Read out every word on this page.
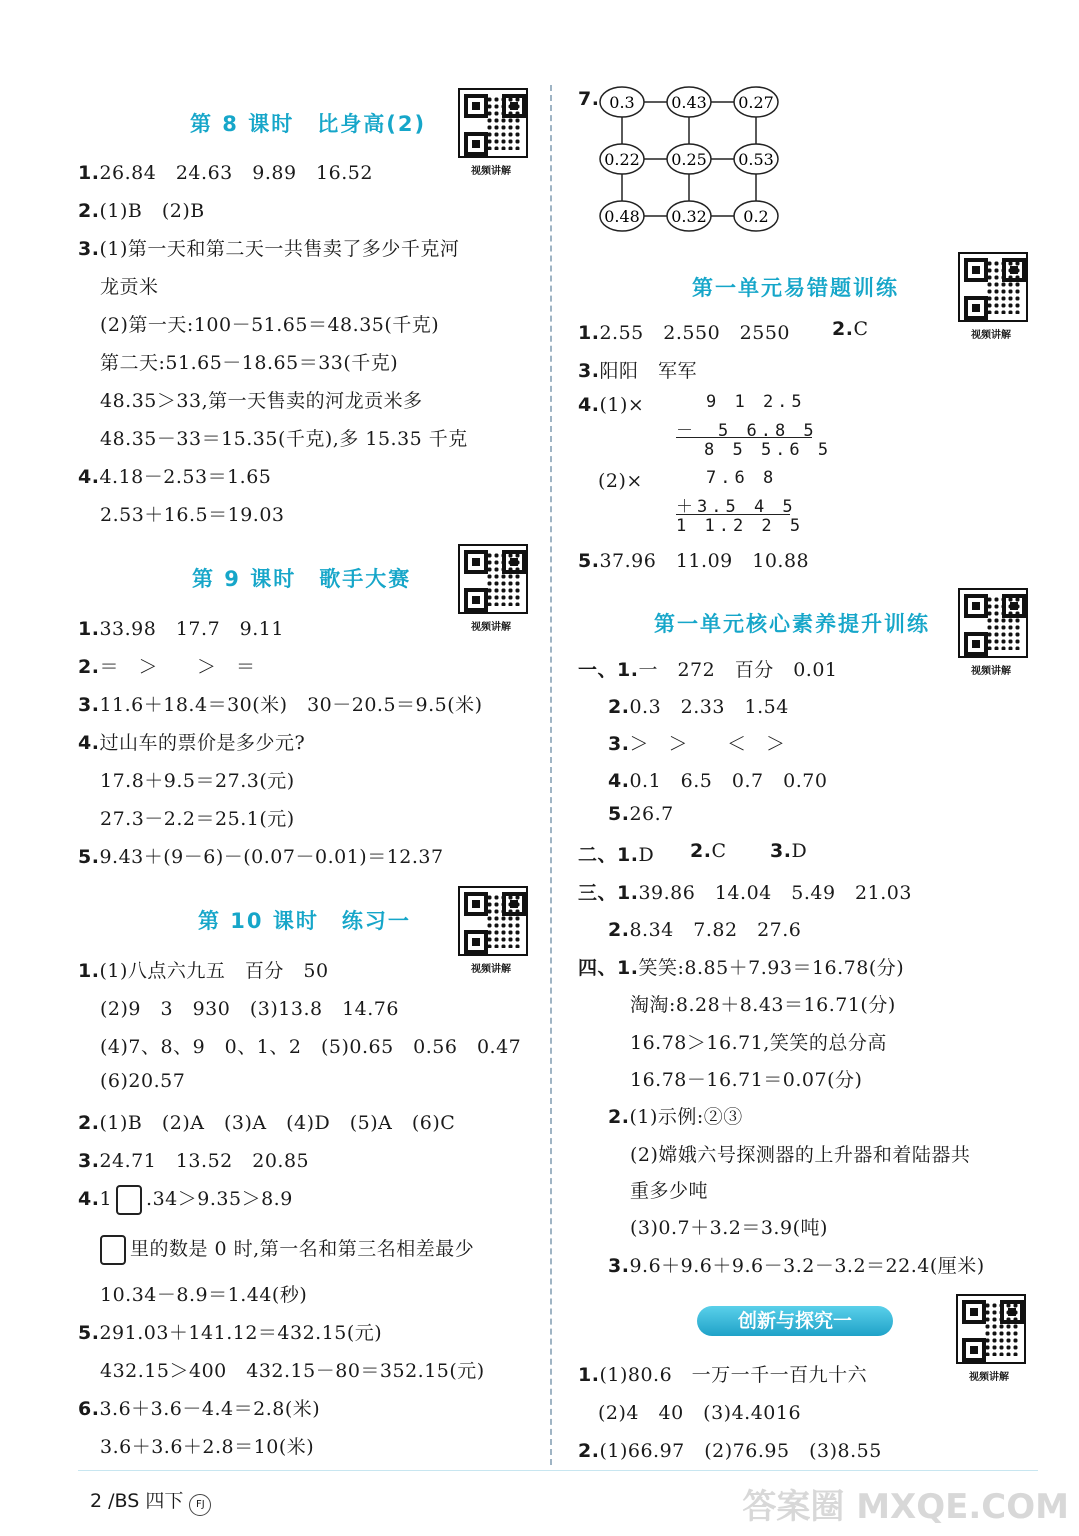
第 8 课时　比身高(2)
视频讲解
1.26.84　24.63　9.89　16.52
2.(1)B　(2)B
3.(1)第一天和第二天一共售卖了多少千克河
龙贡米
(2)第一天:100－51.65＝48.35(千克)
第二天:51.65－18.65＝33(千克)
48.35＞33,第一天售卖的河龙贡米多
48.35－33＝15.35(千克),多 15.35 千克
4.4.18－2.53＝1.65
2.53＋16.5＝19.03
第 9 课时　歌手大赛
视频讲解
1.33.98　17.7　9.11
2.＝　＞　　＞　＝
3.11.6＋18.4＝30(米)　30－20.5＝9.5(米)
4.过山车的票价是多少元?
17.8＋9.5＝27.3(元)
27.3－2.2＝25.1(元)
5.9.43＋(9－6)－(0.07－0.01)＝12.37
第 10 课时　练习一
视频讲解
1.(1)八点六九五　百分　50
(2)9　3　930　(3)13.8　14.76
(4)7、8、9　0、1、2　(5)0.65　0.56　0.47
(6)20.57
2.(1)B　(2)A　(3)A　(4)D　(5)A　(6)C
3.24.71　13.52　20.85
4.1 .34＞9.35＞8.9
里的数是 0 时,第一名和第三名相差最少
10.34－8.9＝1.44(秒)
5.291.03＋141.12＝432.15(元)
432.15＞400　432.15－80＝352.15(元)
6.3.6＋3.6－4.4＝2.8(米)
3.6＋3.6＋2.8＝10(米)
7. 0.3 0.43 0.27
0.22 0.25 0.53
0.48 0.32 0.2
第一单元易错题训练
视频讲解
1.2.55　2.550　2550 2.C
3.阳阳　军军
4.(1)×	9 1 2.5
－　5 6.8 5
8 5 5.6 5
(2)×	7.6 8
＋3.5 4 5
1 1.2 2 5
5.37.96　11.09　10.88
第一单元核心素养提升训练
视频讲解
一、1.一　272　百分　0.01
2.0.3　2.33　1.54
3.＞　＞　　＜　＞
4.0.1　6.5　0.7　0.70
5.26.7
二、1.D 2.C 3.D
三、1.39.86　14.04　5.49　21.03
2.8.34　7.82　27.6
四、1.笑笑:8.85＋7.93＝16.78(分)
淘淘:8.28＋8.43＝16.71(分)
16.78＞16.71,笑笑的总分高
16.78－16.71＝0.07(分)
2.(1)示例:②③
(2)嫦娥六号探测器的上升器和着陆器共
重多少吨
(3)0.7＋3.2＝3.9(吨)
3.9.6＋9.6＋9.6－3.2－3.2＝22.4(厘米)
创新与探究一
视频讲解
1.(1)80.6　一万一千一百九十六
(2)4　40　(3)4.4016
2.(1)66.97　(2)76.95　(3)8.55
2 /BS 四下 FJ	答案圈 MXQE.COM
